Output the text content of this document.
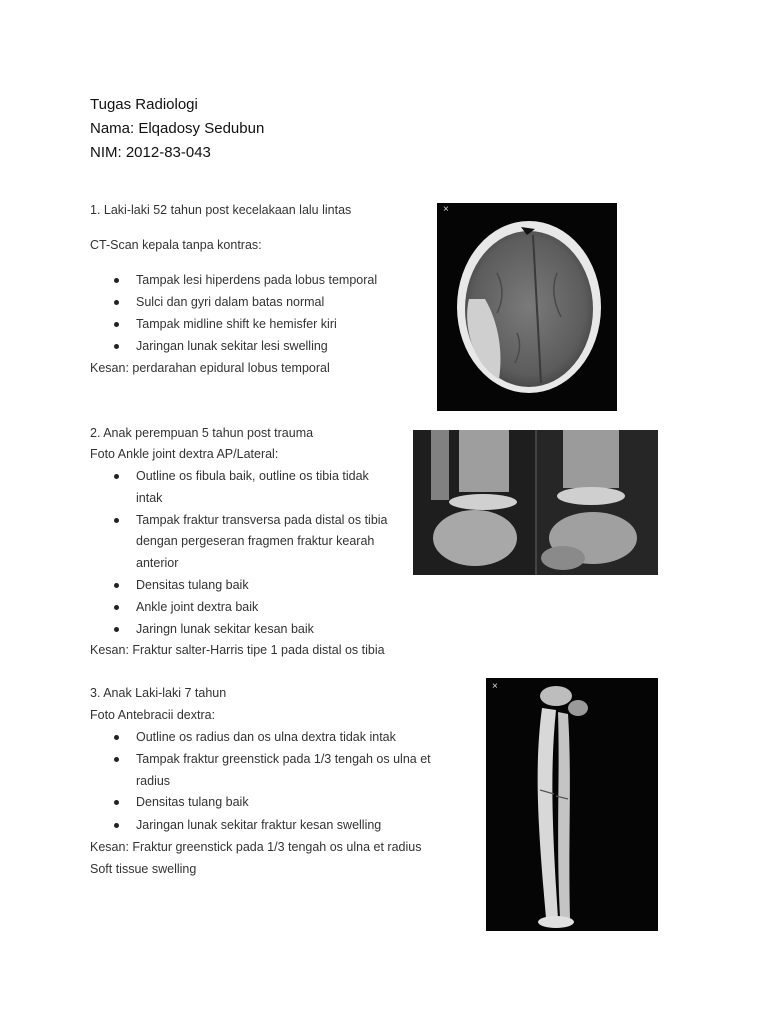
Tugas Radiologi
Nama: Elqadosy Sedubun
NIM: 2012-83-043
1. Laki-laki 52 tahun post kecelakaan lalu lintas
CT-Scan kepala tanpa kontras:
Tampak lesi hiperdens pada lobus temporal
Sulci dan gyri dalam batas normal
Tampak midline shift ke hemisfer kiri
Jaringan lunak sekitar lesi swelling
Kesan: perdarahan epidural lobus temporal
×
2. Anak perempuan 5 tahun post trauma
Foto Ankle joint dextra AP/Lateral:
Outline os fibula baik, outline os tibia tidak
intak
Tampak fraktur transversa pada distal os tibia
dengan pergeseran fragmen fraktur kearah
anterior
Densitas tulang baik
Ankle joint dextra baik
Jaringn lunak sekitar kesan baik
Kesan: Fraktur salter-Harris tipe 1 pada distal os tibia
3. Anak Laki-laki 7 tahun
Foto Antebracii dextra:
Outline os radius dan os ulna dextra tidak intak
Tampak fraktur greenstick pada 1/3 tengah os ulna et
radius
Densitas tulang baik
Jaringan lunak sekitar fraktur kesan swelling
Kesan: Fraktur greenstick pada 1/3 tengah os ulna et radius
Soft tissue swelling
×
